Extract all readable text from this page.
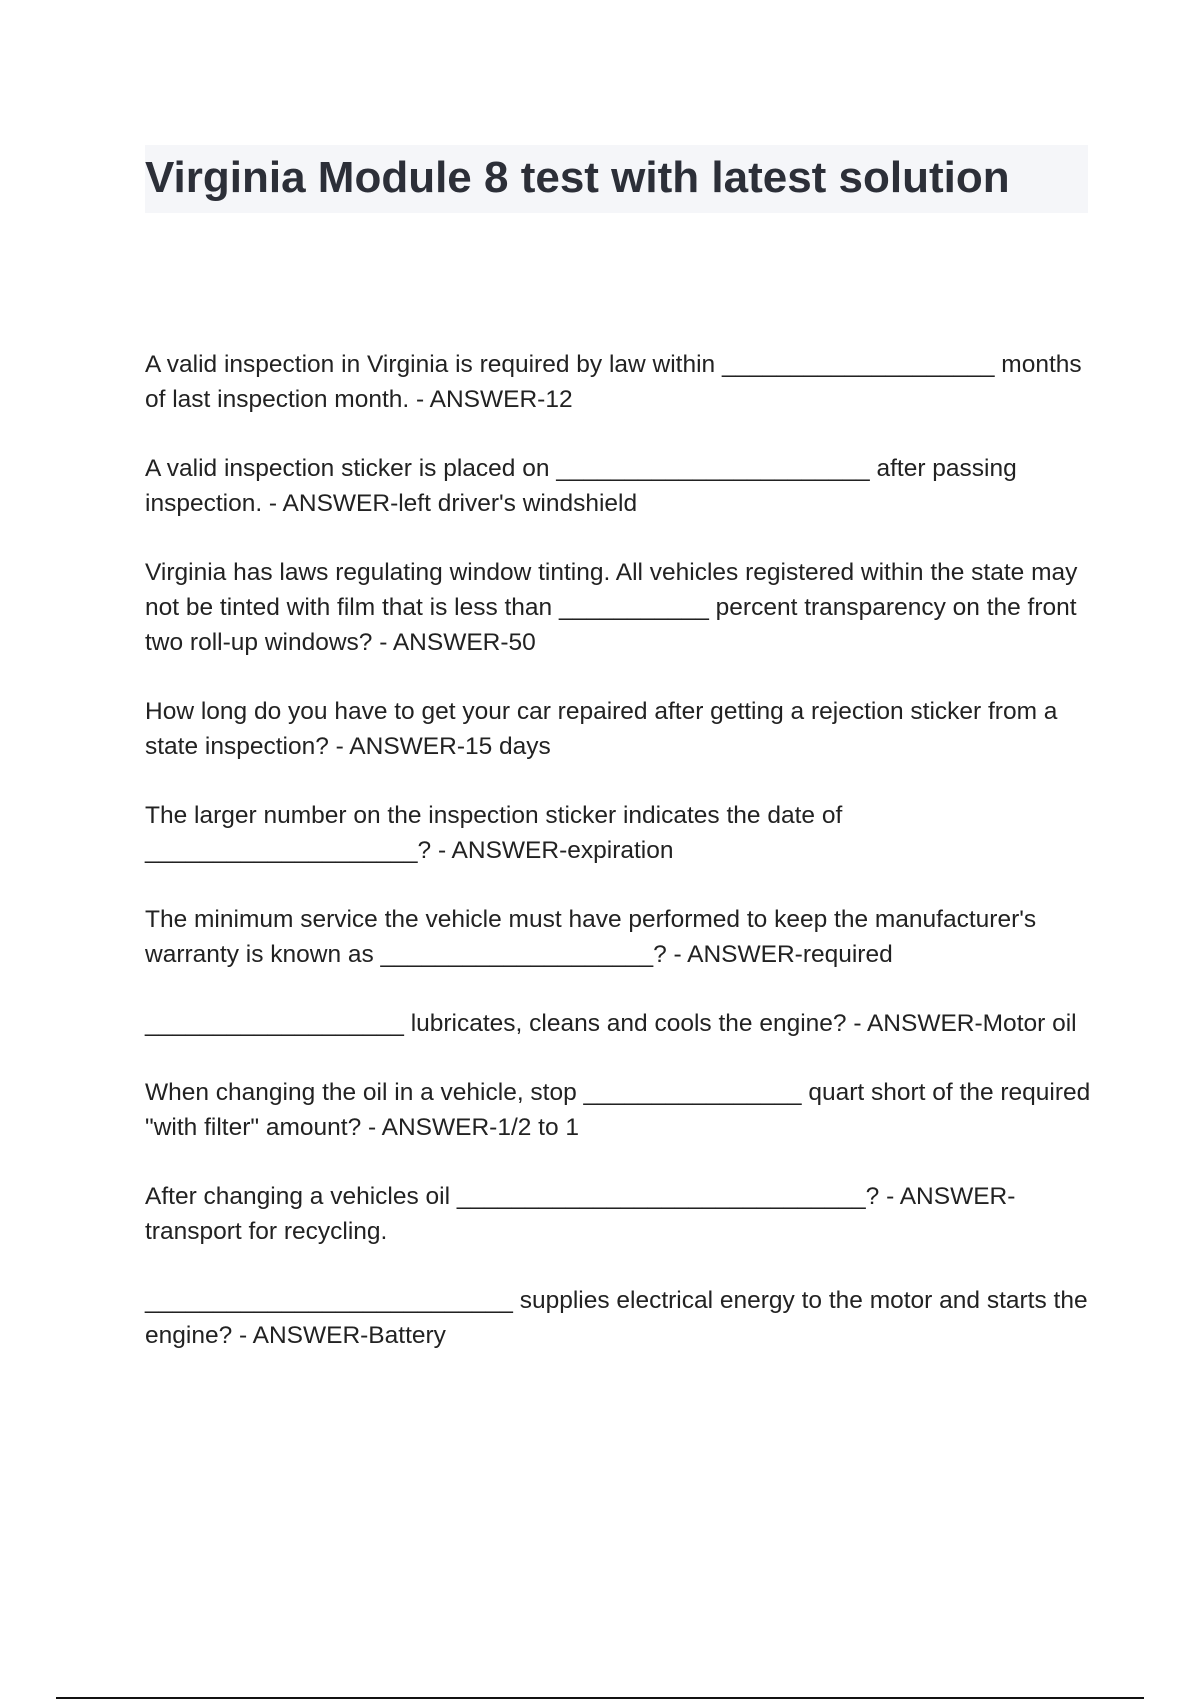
Virginia Module 8 test with latest solution

A valid inspection in Virginia is required by law within ____________________ months of last inspection month. - ANSWER-12

A valid inspection sticker is placed on _______________________ after passing inspection. - ANSWER-left driver's windshield

Virginia has laws regulating window tinting. All vehicles registered within the state may not be tinted with film that is less than ___________ percent transparency on the front two roll-up windows? - ANSWER-50

How long do you have to get your car repaired after getting a rejection sticker from a state inspection? - ANSWER-15 days

The larger number on the inspection sticker indicates the date of ____________________? - ANSWER-expiration

The minimum service the vehicle must have performed to keep the manufacturer's warranty is known as ____________________? - ANSWER-required

___________________ lubricates, cleans and cools the engine? - ANSWER-Motor oil

When changing the oil in a vehicle, stop ________________ quart short of the required "with filter" amount? - ANSWER-1/2 to 1

After changing a vehicles oil ______________________________? - ANSWER-transport for recycling.

___________________________ supplies electrical energy to the motor and starts the engine? - ANSWER-Battery
